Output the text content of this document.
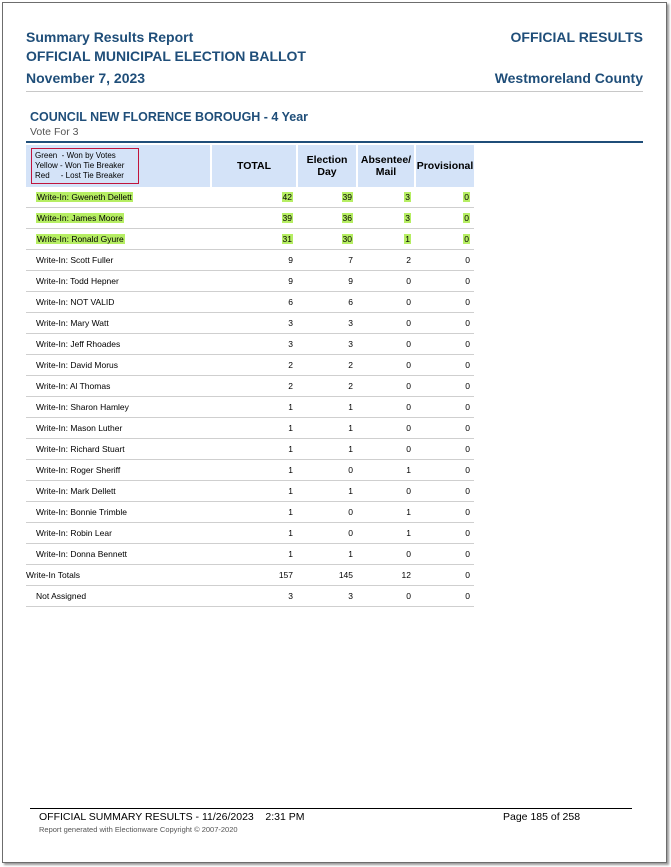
Summary Results Report
OFFICIAL MUNICIPAL ELECTION BALLOT
November 7, 2023
OFFICIAL RESULTS
Westmoreland County
COUNCIL NEW FLORENCE BOROUGH - 4 Year
Vote For 3
Green  - Won by Votes
Yellow - Won Tie Breaker
Red     - Lost Tie Breaker	TOTAL	Election Day	Absentee/ Mail	Provisional
Write-In: Gweneth Dellett	42	39	3	0
Write-In: James Moore	39	36	3	0
Write-In: Ronald Gyure	31	30	1	0
Write-In: Scott Fuller	9	7	2	0
Write-In: Todd Hepner	9	9	0	0
Write-In: NOT VALID	6	6	0	0
Write-In: Mary Watt	3	3	0	0
Write-In: Jeff Rhoades	3	3	0	0
Write-In: David Morus	2	2	0	0
Write-In: Al Thomas	2	2	0	0
Write-In: Sharon Hamley	1	1	0	0
Write-In: Mason Luther	1	1	0	0
Write-In: Richard Stuart	1	1	0	0
Write-In: Roger Sheriff	1	0	1	0
Write-In: Mark Dellett	1	1	0	0
Write-In: Bonnie Trimble	1	0	1	0
Write-In: Robin Lear	1	0	1	0
Write-In: Donna Bennett	1	1	0	0
Write-In Totals	157	145	12	0
Not Assigned	3	3	0	0
OFFICIAL SUMMARY RESULTS - 11/26/2023    2:31 PM	Page 185 of 258
Report generated with Electionware Copyright © 2007-2020
